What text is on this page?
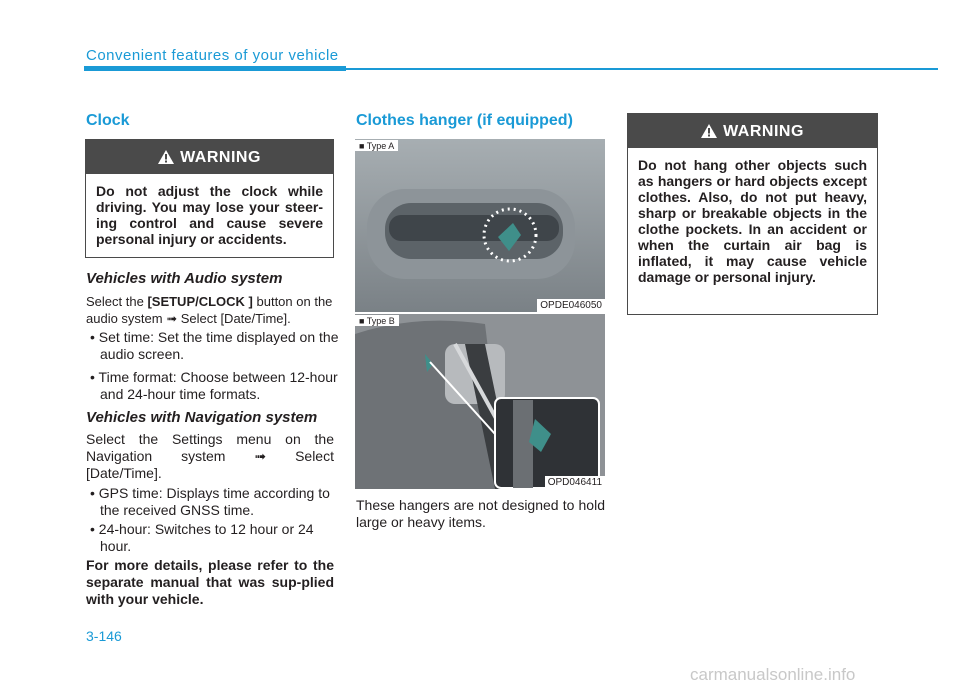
Convenient features of your vehicle
Clock
WARNING
Do not adjust the clock while driving. You may lose your steer-ing control and cause severe personal injury or accidents.
Vehicles with Audio system
Select the [SETUP/CLOCK ] button on the audio system ➟ Select [Date/Time].
• Set time: Set the time displayed on the audio screen.
• Time format: Choose between 12-hour and 24-hour time formats.
Vehicles with Navigation system
Select the Settings menu on the Navigation system ➟ Select [Date/Time].
• GPS time: Displays time according to the received GNSS time.
• 24-hour: Switches to 12 hour or 24 hour.
For more details, please refer to the separate manual that was sup-plied with your vehicle.
Clothes hanger (if equipped)
■ Type A
OPDE046050
■ Type B
OPD046411
These hangers are not designed to hold large or heavy items.
WARNING
Do not hang other objects such as hangers or hard objects except clothes. Also, do not put heavy, sharp or breakable objects in the clothe pockets. In an accident or when the curtain air bag is inflated, it may cause vehicle damage or personal injury.
3-146
carmanualsonline.info
